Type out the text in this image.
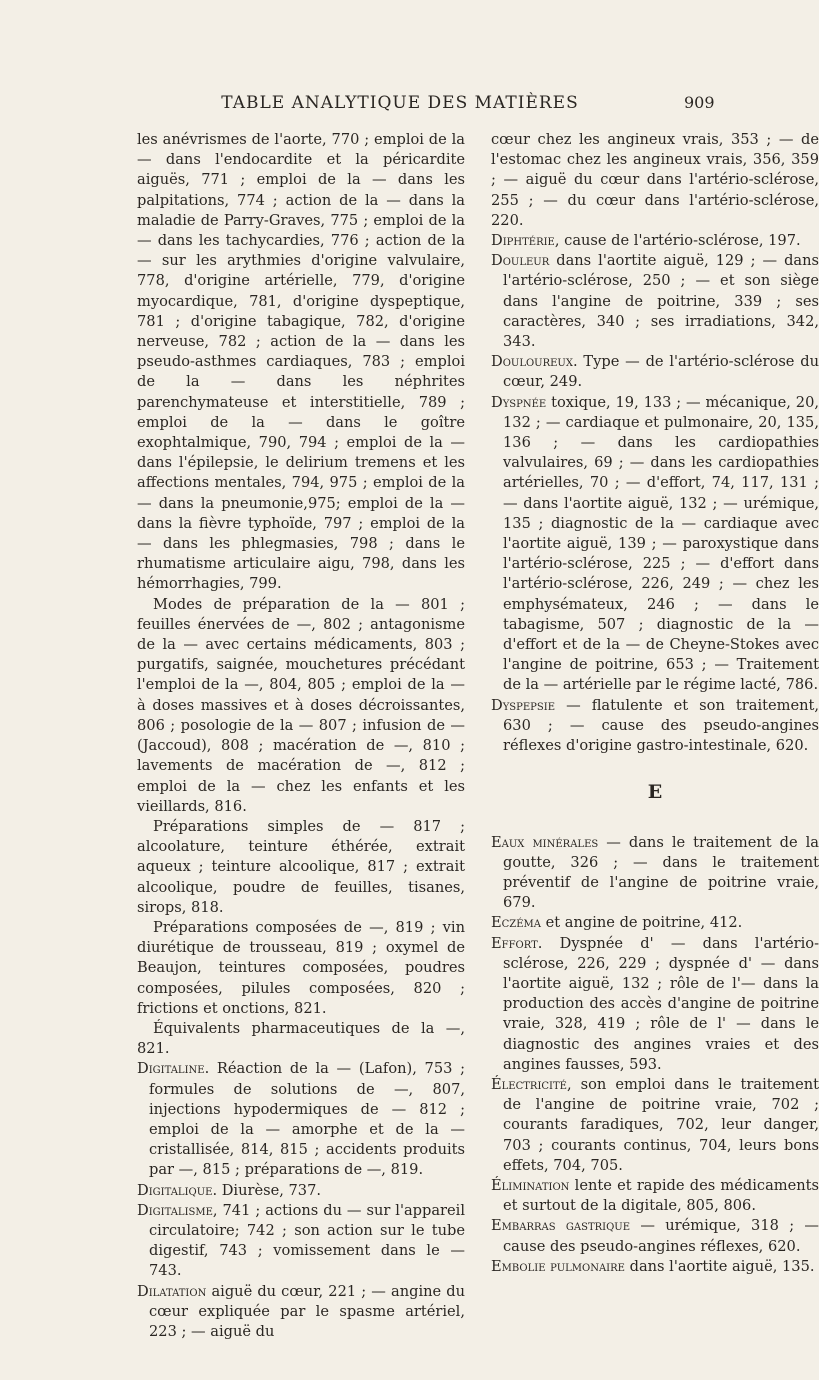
TABLE ANALYTIQUE DES MATIÈRES	909

les anévrismes de l'aorte, 770 ; emploi de la — dans l'endocardite et la péricardite aiguës, 771 ; emploi de la — dans les palpitations, 774 ; action de la — dans la maladie de Parry-Graves, 775 ; emploi de la — dans les tachycardies, 776 ; action de la — sur les arythmies d'origine valvulaire, 778, d'origine artérielle, 779, d'origine myocardique, 781, d'origine dyspeptique, 781 ; d'origine tabagique, 782, d'origine nerveuse, 782 ; action de la — dans les pseudo-asthmes cardiaques, 783 ; emploi de la — dans les néphrites parenchymateuse et interstitielle, 789 ; emploi de la — dans le goître exophtalmique, 790, 794 ; emploi de la — dans l'épilepsie, le delirium tremens et les affections mentales, 794, 975 ; emploi de la — dans la pneumonie,975; emploi de la — dans la fièvre typhoïde, 797 ; emploi de la — dans les phlegmasies, 798 ; dans le rhumatisme articulaire aigu, 798, dans les hémorrhagies, 799.

Modes de préparation de la — 801 ; feuilles énervées de —, 802 ; antagonisme de la — avec certains médicaments, 803 ; purgatifs, saignée, mouchetures précédant l'emploi de la —, 804, 805 ; emploi de la — à doses massives et à doses décroissantes, 806 ; posologie de la — 807 ; infusion de — (Jaccoud), 808 ; macération de —, 810 ; lavements de macération de —, 812 ; emploi de la — chez les enfants et les vieillards, 816.

Préparations simples de — 817 ; alcoolature, teinture éthérée, extrait aqueux ; teinture alcoolique, 817 ; extrait alcoolique, poudre de feuilles, tisanes, sirops, 818.

Préparations composées de —, 819 ; vin diurétique de trousseau, 819 ; oxymel de Beaujon, teintures composées, poudres composées, pilules composées, 820 ; frictions et onctions, 821.

Équivalents pharmaceutiques de la —, 821.

Digitaline. Réaction de la — (Lafon), 753 ; formules de solutions de —, 807, injections hypodermiques de — 812 ; emploi de la — amorphe et de la — cristallisée, 814, 815 ; accidents produits par —, 815 ; préparations de —, 819.

Digitalique. Diurèse, 737.

Digitalisme, 741 ; actions du — sur l'appareil circulatoire; 742 ; son action sur le tube digestif, 743 ; vomissement dans le — 743.

Dilatation aiguë du cœur, 221 ; — angine du cœur expliquée par le spasme artériel, 223 ; — aiguë du

cœur chez les angineux vrais, 353 ; — de l'estomac chez les angineux vrais, 356, 359 ; — aiguë du cœur dans l'artério-sclérose, 255 ; — du cœur dans l'artério-sclérose, 220.

Diphtérie, cause de l'artério-sclérose, 197.

Douleur dans l'aortite aiguë, 129 ; — dans l'artério-sclérose, 250 ; — et son siège dans l'angine de poitrine, 339 ; ses caractères, 340 ; ses irradiations, 342, 343.

Douloureux. Type — de l'artério-sclérose du cœur, 249.

Dyspnée toxique, 19, 133 ; — mécanique, 20, 132 ; — cardiaque et pulmonaire, 20, 135, 136 ; — dans les cardiopathies valvulaires, 69 ; — dans les cardiopathies artérielles, 70 ; — d'effort, 74, 117, 131 ; — dans l'aortite aiguë, 132 ; — urémique, 135 ; diagnostic de la — cardiaque avec l'aortite aiguë, 139 ; — paroxystique dans l'artério-sclérose, 225 ; — d'effort dans l'artério-sclérose, 226, 249 ; — chez les emphysémateux, 246 ; — dans le tabagisme, 507 ; diagnostic de la — d'effort et de la — de Cheyne-Stokes avec l'angine de poitrine, 653 ; — Traitement de la — artérielle par le régime lacté, 786.

Dyspepsie — flatulente et son traitement, 630 ; — cause des pseudo-angines réflexes d'origine gastro-intestinale, 620.

E

Eaux minérales — dans le traitement de la goutte, 326 ; — dans le traitement préventif de l'angine de poitrine vraie, 679.

Eczéma et angine de poitrine, 412.

Effort. Dyspnée d' — dans l'artério-sclérose, 226, 229 ; dyspnée d' — dans l'aortite aiguë, 132 ; rôle de l'— dans la production des accès d'angine de poitrine vraie, 328, 419 ; rôle de l' — dans le diagnostic des angines vraies et des angines fausses, 593.

Électricité, son emploi dans le traitement de l'angine de poitrine vraie, 702 ; courants faradiques, 702, leur danger, 703 ; courants continus, 704, leurs bons effets, 704, 705.

Élimination lente et rapide des médicaments et surtout de la digitale, 805, 806.

Embarras gastrique — urémique, 318 ; — cause des pseudo-angines réflexes, 620.

Embolie pulmonaire dans l'aortite aiguë, 135.
